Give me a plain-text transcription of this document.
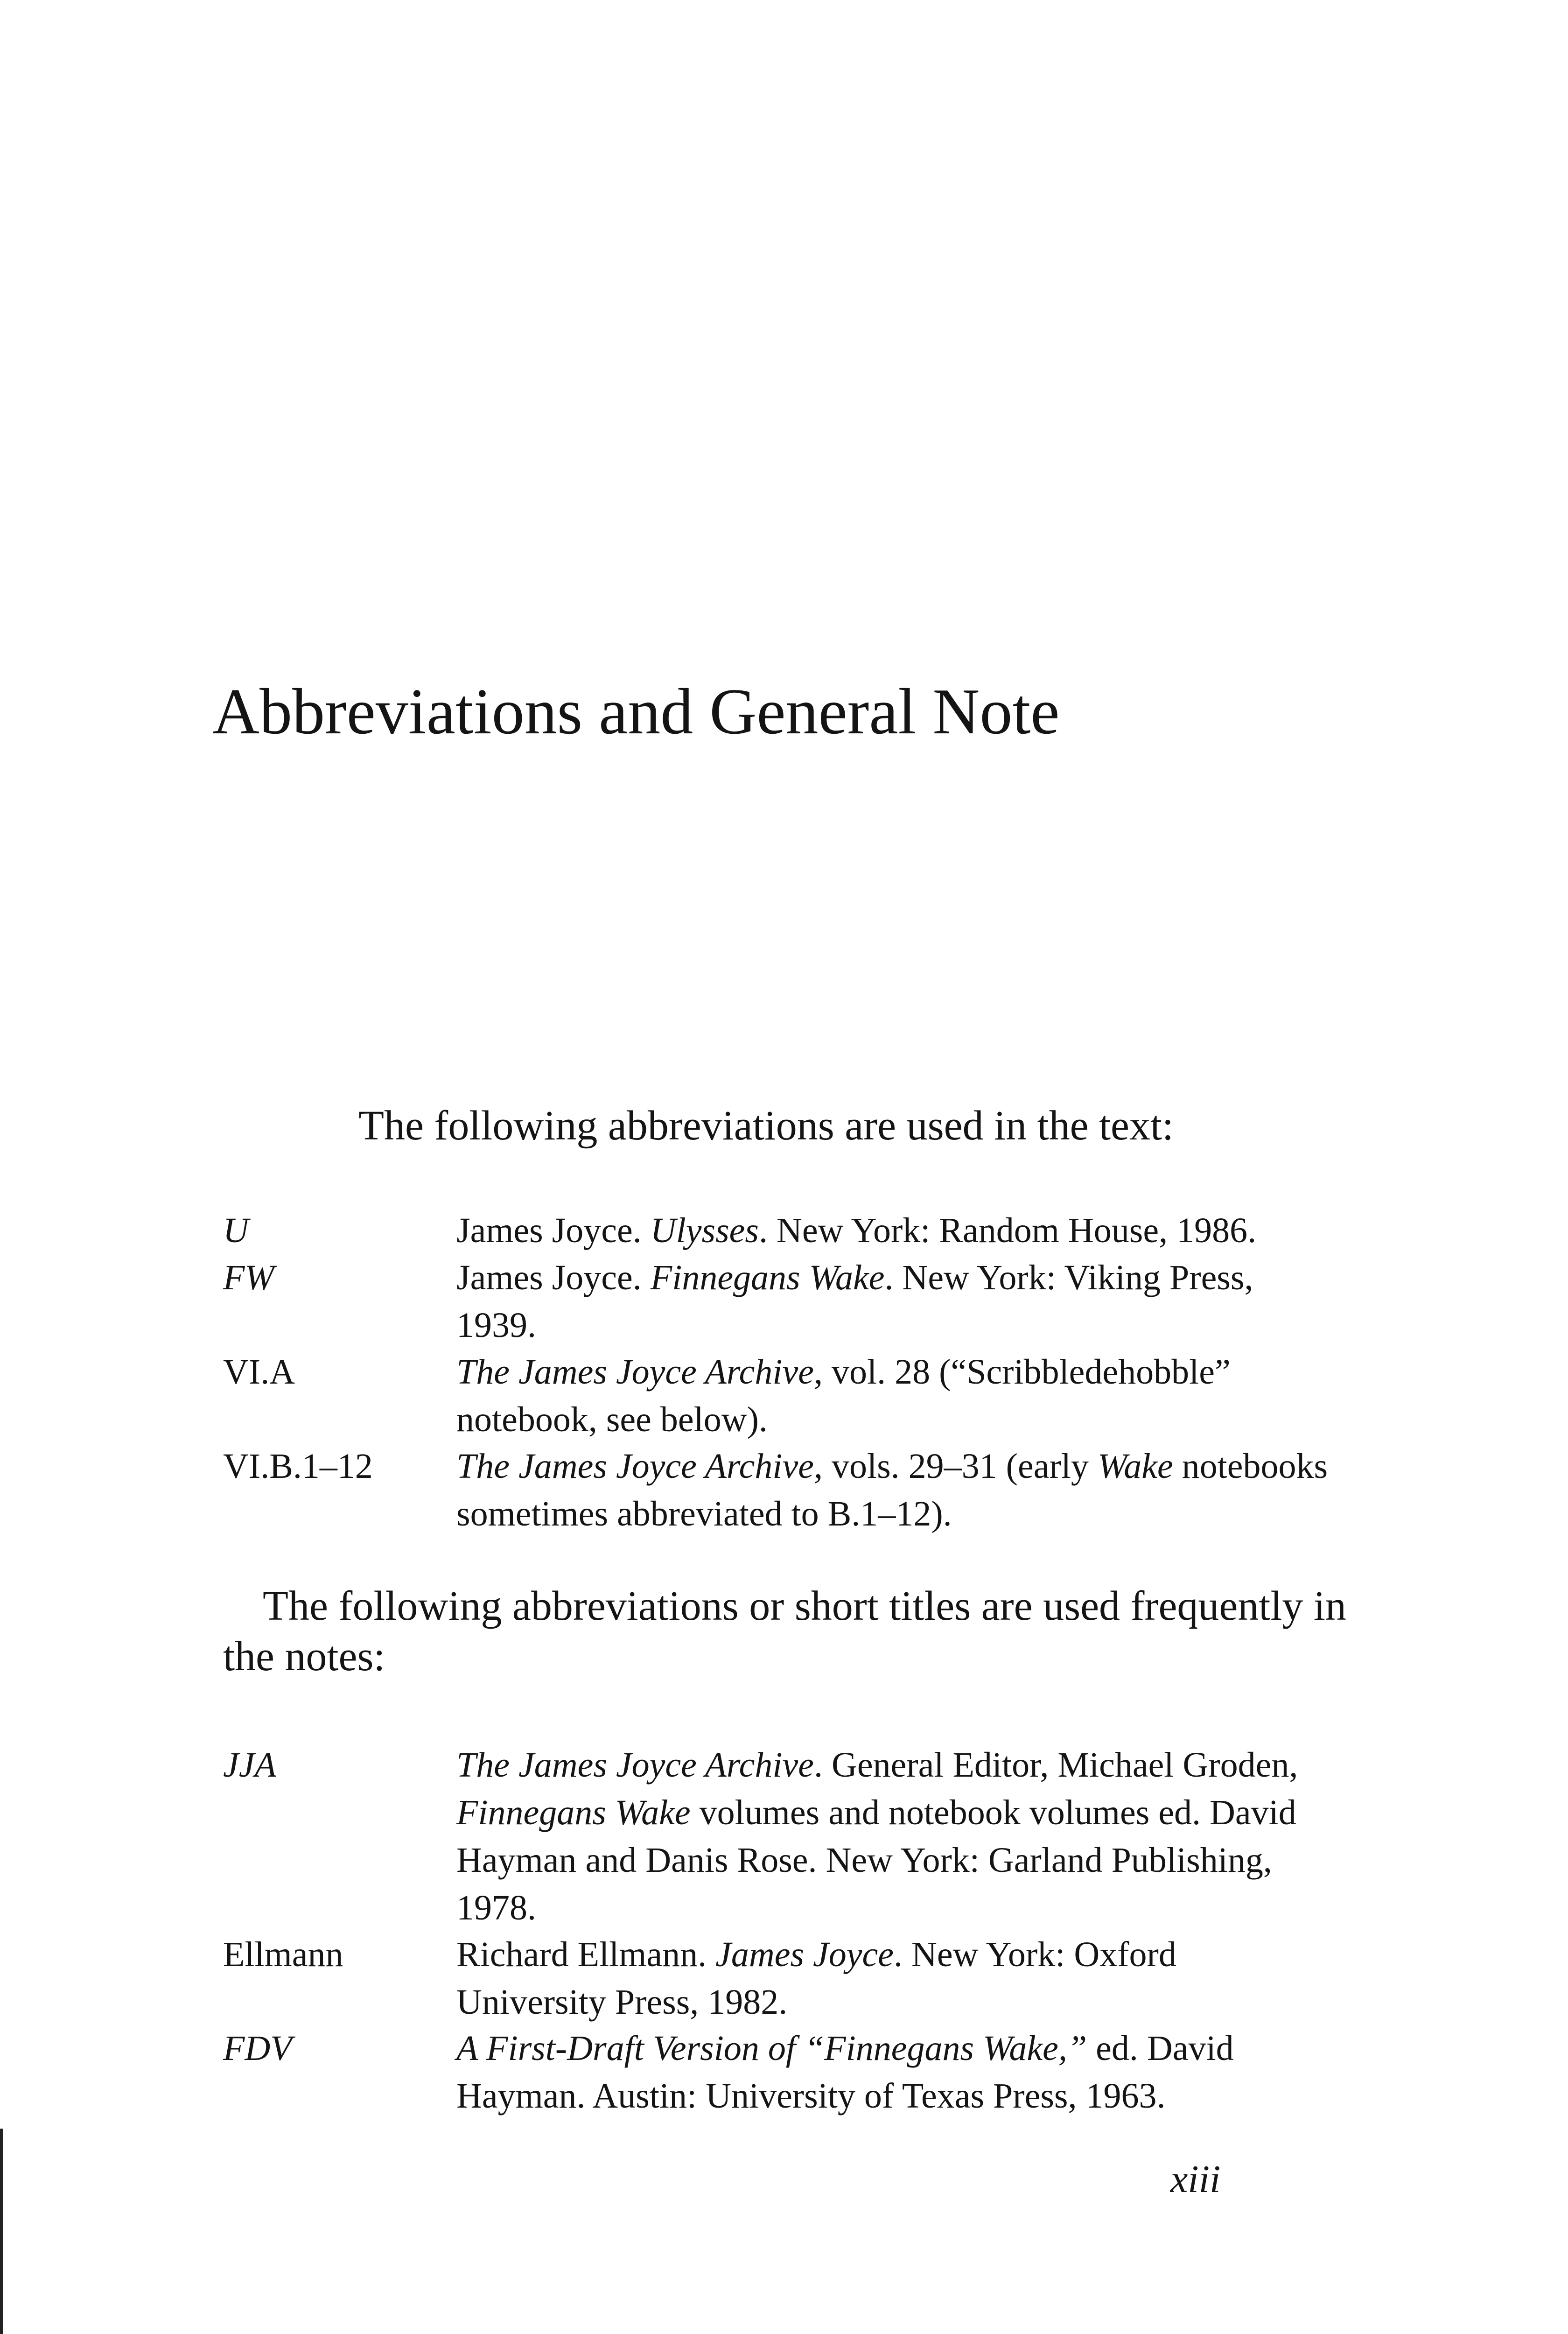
Abbreviations and General Note

The following abbreviations are used in the text:

U	James Joyce. Ulysses. New York: Random House, 1986.
FW	James Joyce. Finnegans Wake. New York: Viking Press, 1939.
VI.A	The James Joyce Archive, vol. 28 (“Scribbledehobble” notebook, see below).
VI.B.1–12 The James Joyce Archive, vols. 29–31 (early Wake notebooks sometimes abbreviated to B.1–12).

The following abbreviations or short titles are used frequently in the notes:

JJA	The James Joyce Archive. General Editor, Michael Groden, Finnegans Wake volumes and notebook volumes ed. David Hayman and Danis Rose. New York: Garland Publishing, 1978.
Ellmann	Richard Ellmann. James Joyce. New York: Oxford University Press, 1982.
FDV	A First-Draft Version of “Finnegans Wake,” ed. David Hayman. Austin: University of Texas Press, 1963.
xiii
